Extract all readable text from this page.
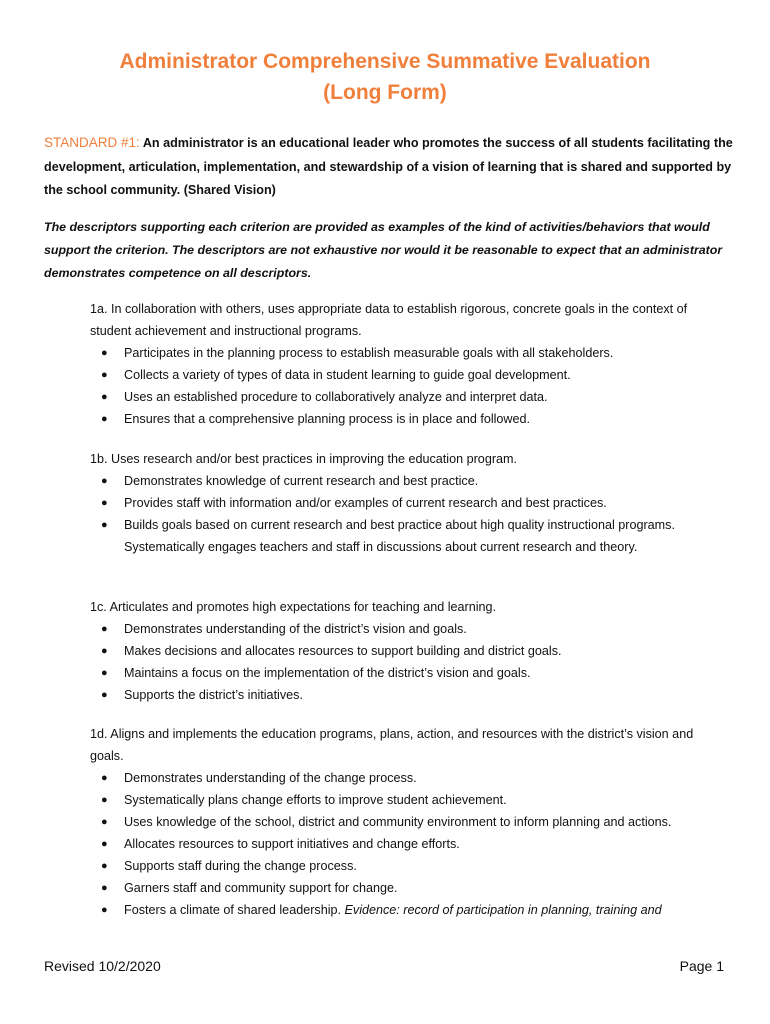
Administrator Comprehensive Summative Evaluation
(Long Form)
STANDARD #1: An administrator is an educational leader who promotes the success of all students facilitating the development, articulation, implementation, and stewardship of a vision of learning that is shared and supported by the school community. (Shared Vision)
The descriptors supporting each criterion are provided as examples of the kind of activities/behaviors that would support the criterion. The descriptors are not exhaustive nor would it be reasonable to expect that an administrator demonstrates competence on all descriptors.

1a. In collaboration with others, uses appropriate data to establish rigorous, concrete goals in the context of student achievement and instructional programs.

● Participates in the planning process to establish measurable goals with all stakeholders.
● Collects a variety of types of data in student learning to guide goal development.
● Uses an established procedure to collaboratively analyze and interpret data.
● Ensures that a comprehensive planning process is in place and followed.

1b. Uses research and/or best practices in improving the education program.

● Demonstrates knowledge of current research and best practice.
● Provides staff with information and/or examples of current research and best practices.
● Builds goals based on current research and best practice about high quality instructional programs. Systematically engages teachers and staff in discussions about current research and theory.

1c. Articulates and promotes high expectations for teaching and learning.

● Demonstrates understanding of the district’s vision and goals.
● Makes decisions and allocates resources to support building and district goals.
● Maintains a focus on the implementation of the district’s vision and goals.
● Supports the district’s initiatives.

1d. Aligns and implements the education programs, plans, action, and resources with the district’s vision and goals.

● Demonstrates understanding of the change process.
● Systematically plans change efforts to improve student achievement.
● Uses knowledge of the school, district and community environment to inform planning and actions.
● Allocates resources to support initiatives and change efforts.
● Supports staff during the change process.
● Garners staff and community support for change.
● Fosters a climate of shared leadership. Evidence: record of participation in planning, training and
Revised 10/2/2020	Page 1
